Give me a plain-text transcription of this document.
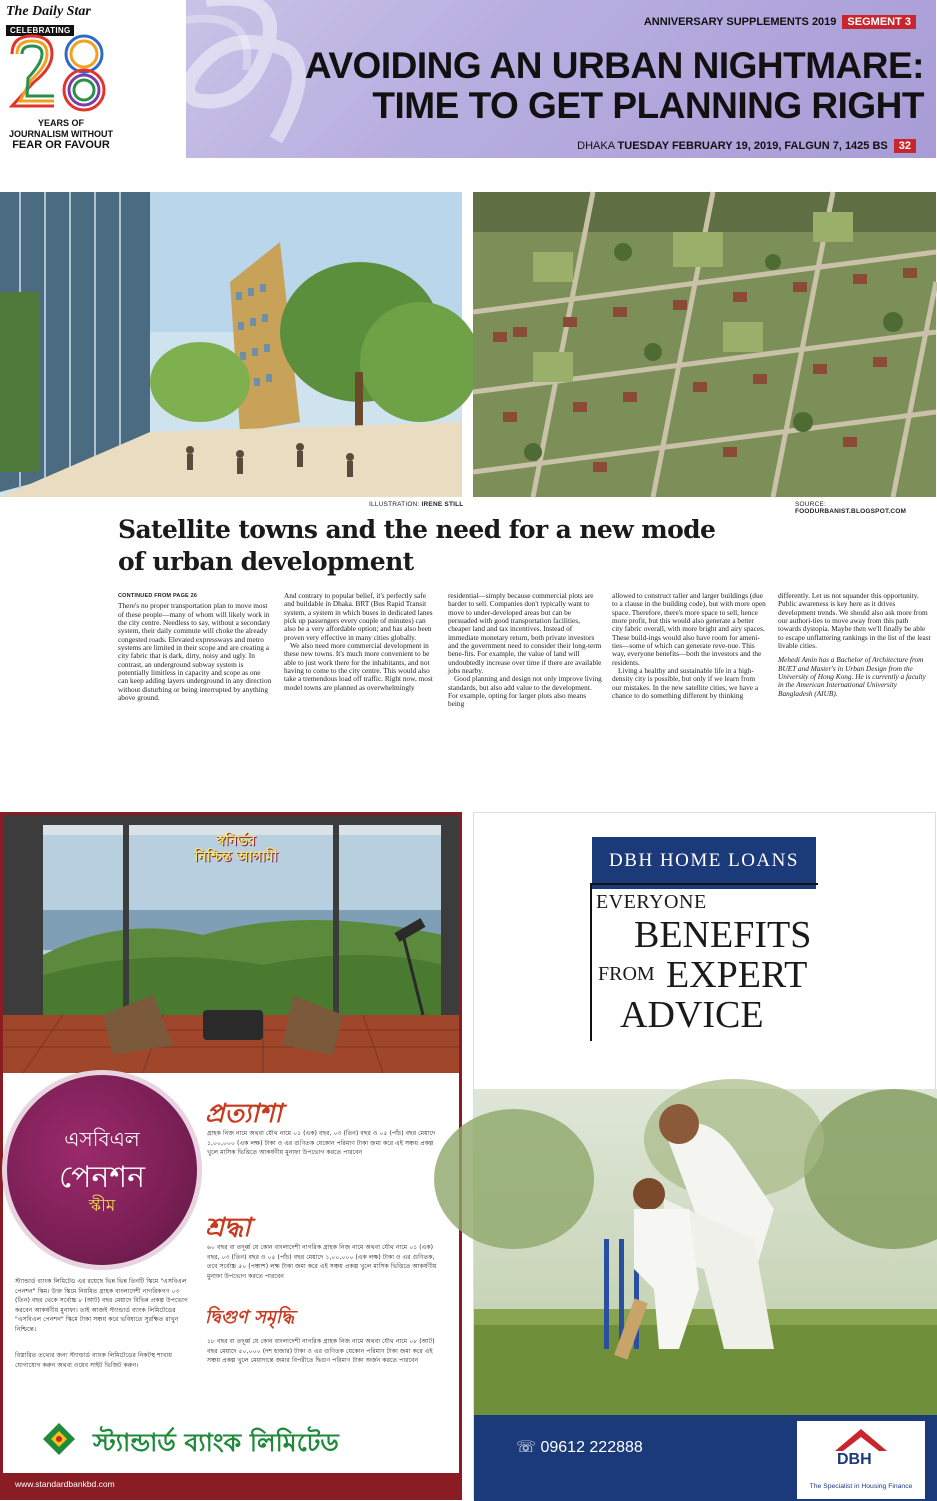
The Daily Star
CELEBRATING
YEARS OF
JOURNALISM WITHOUT
FEAR OR FAVOUR
ANNIVERSARY SUPPLEMENTS 2019 SEGMENT 3
AVOIDING AN URBAN NIGHTMARE:
TIME TO GET PLANNING RIGHT
DHAKA TUESDAY FEBRUARY 19, 2019, FALGUN 7, 1425 BS 32
ILLUSTRATION: IRENE STILL	SOURCE: FOODURBANIST.BLOGSPOT.COM
Satellite towns and the need for a new mode of urban development
CONTINUED FROM PAGE 26

There's no proper transportation plan to move most of these people—many of whom will likely work in the city centre. Needless to say, without a secondary system, their daily commute will choke the already congested roads. Elevated expressways and metro systems are limited in their scope and are creating a city fabric that is dark, dirty, noisy and ugly. In contrast, an underground subway system is potentially limitless in capacity and scope as one can keep adding layers underground in any direction without disturbing or being interrupted by anything above ground.

And contrary to popular belief, it's perfectly safe and buildable in Dhaka. BRT (Bus Rapid Transit system, a system in which buses in dedicated lanes pick up passengers every couple of minutes) can also be a very affordable option; and has also been proven very effective in many cities globally.

We also need more commercial development in these new towns. It's much more convenient to be able to just work there for the inhabitants, and not having to come to the city centre. This would also take a tremendous load off traffic. Right now, most model towns are planned as overwhelmingly

residential—simply because commercial plots are harder to sell. Companies don't typically want to move to under-developed areas but can be persuaded with good transportation facilities, cheaper land and tax incentives. Instead of immediate monetary return, both private investors and the government need to consider their long-term bene-fits. For example, the value of land will undoubtedly increase over time if there are available jobs nearby.

Good planning and design not only improve living standards, but also add value to the development. For example, opting for larger plots also means being

allowed to construct taller and larger buildings (due to a clause in the building code), but with more open space. Therefore, there's more space to sell, hence more profit, but this would also generate a better city fabric overall, with more bright and airy spaces. These build-ings would also have room for ameni-ties—some of which can generate reve-nue. This way, everyone benefits—both the investors and the residents.

Living a healthy and sustainable life in a high-density city is possible, but only if we learn from our mistakes. In the new satellite cities, we have a chance to do something different by thinking

differently. Let us not squander this opportunity. Public awareness is key here as it drives development trends. We should also ask more from our authori-ties to move away from this path towards dystopia. Maybe then we'll finally be able to escape unflattering rankings in the list of the least livable cities.

Mehedi Amin has a Bachelor of Architecture from BUET and Master's in Urban Design from the University of Hong Kong. He is currently a faculty in the American International University Bangladesh (AIUB).

স্বনির্ভর
নিশ্চিন্ত আগামী
এসবিএল
পেনশন
স্কীম
প্রত্যাশা
গ্রাহক নিজ নামে অথবা যৌথ নামে ০১ (এক) বছর, ০৩ (তিন) বছর ও ০৫ (পাঁচ) বছর মেয়াদে ১,০০,০০০ (এক লক্ষ) টাকা ও এর গুণিতক যেকোন পরিমাণ টাকা জমা করে এই সঞ্চয় প্রকল্প খুলে মাসিক ভিত্তিতে আকর্ষণীয় মুনাফা উপভোগ করতে পারবেন
শ্রদ্ধা
৬০ বছর বা তদূর্ধ্ব যে কোন বাংলাদেশী নাগরিক গ্রাহক নিজ নামে অথবা যৌথ নামে ০১ (এক) বছর, ০৩ (তিন) বছর ও ০৫ (পাঁচ) বছর মেয়াদে ১,০০,০০০ (এক লক্ষ) টাকা ও এর গুণিতক, তবে সর্বোচ্চ ৫০ (পঞ্চাশ) লক্ষ টাকা জমা করে এই সঞ্চয় প্রকল্প খুলে মাসিক ভিত্তিতে আকর্ষণীয় মুনাফা উপভোগ করতে পারবেন
দ্বিগুণ সমৃদ্ধি
১৮ বছর বা তদূর্ধ্ব যে কোন বাংলাদেশী নাগরিক গ্রাহক নিজ নামে অথবা যৌথ নামে ০৮ (আট) বছর মেয়াদে ৫০,০০০ (দশ হাজার) টাকা ও এর গুণিতক যেকোন পরিমাণ টাকা জমা করে এই সঞ্চয় প্রকল্প খুলে মেয়াদান্তে জমার বিপরীতে দ্বিগুণ পরিমাণ টাকা অর্জন করতে পারবেন
স্ট্যান্ডার্ড ব্যাংক লিমিটেড এর রয়েছে ভিন্ন ভিন্ন তিনটি স্কিমে "এসবিএল পেনশন" স্কিম। উক্ত স্কিমে নিয়মিত গ্রাহক বাংলাদেশী নাগরিকগণ ০৩ (তিন) বছর থেকে সর্বোচ্চ ৮ (আট) বছর মেয়াদে বিভিন্ন প্রকল্প উপভোগ করবেন আকর্ষণীয় মুনাফা। তাই আজই স্ট্যান্ডার্ড ব্যাংক লিমিটেডের "এসবিএল পেনশন" স্কিমে টাকা সঞ্চয় করে ভবিষ্যতে সুরক্ষিত রাখুন নিশ্চিন্তে।
বিস্তারিত তথ্যের জন্য স্ট্যান্ডার্ড ব্যাংক লিমিটেডের নিকটস্থ শাখায় যোগাযোগ করুন অথবা ওয়েব সাইট ভিজিট করুন।
স্ট্যান্ডার্ড ব্যাংক লিমিটেড
www.standardbankbd.com
DBH HOME LOANS
EVERYONE
BENEFITS
FROM EXPERT
ADVICE
☏ 09612 222888
DBH
The Specialist in Housing Finance
